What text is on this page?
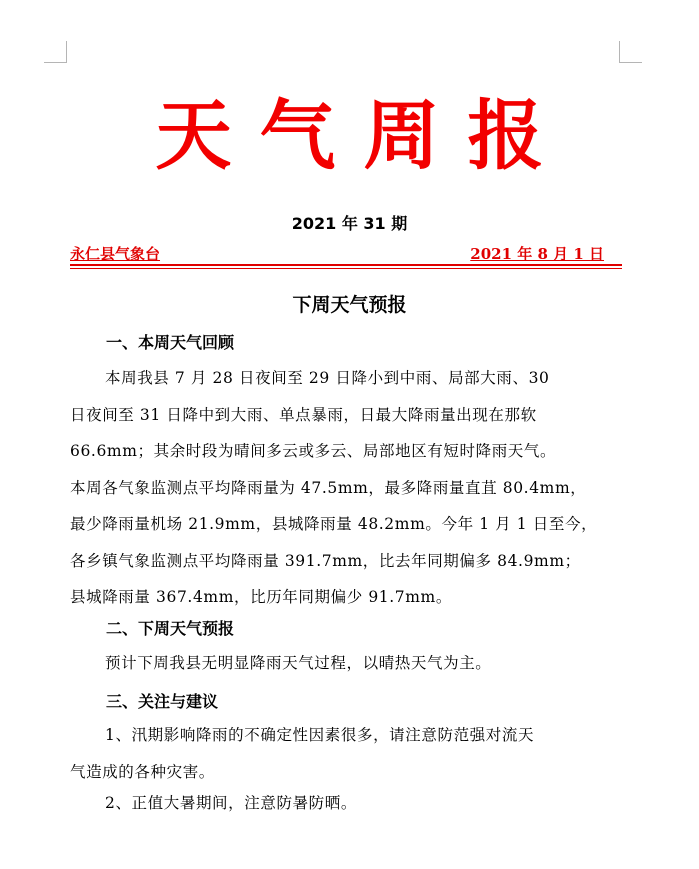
天气周报
2021 年 31 期
永仁县气象台	2021 年 8 月 1 日
下周天气预报
一、本周天气回顾
本周我县 7 月 28 日夜间至 29 日降小到中雨、局部大雨、30
日夜间至 31 日降中到大雨、单点暴雨，日最大降雨量出现在那软
66.6mm；其余时段为晴间多云或多云、局部地区有短时降雨天气。
本周各气象监测点平均降雨量为 47.5mm，最多降雨量直苴 80.4mm，
最少降雨量机场 21.9mm，县城降雨量 48.2mm。今年 1 月 1 日至今，
各乡镇气象监测点平均降雨量 391.7mm，比去年同期偏多 84.9mm；
县城降雨量 367.4mm，比历年同期偏少 91.7mm。
二、下周天气预报
预计下周我县无明显降雨天气过程，以晴热天气为主。
三、关注与建议
1、汛期影响降雨的不确定性因素很多，请注意防范强对流天
气造成的各种灾害。
2、正值大暑期间，注意防暑防晒。
